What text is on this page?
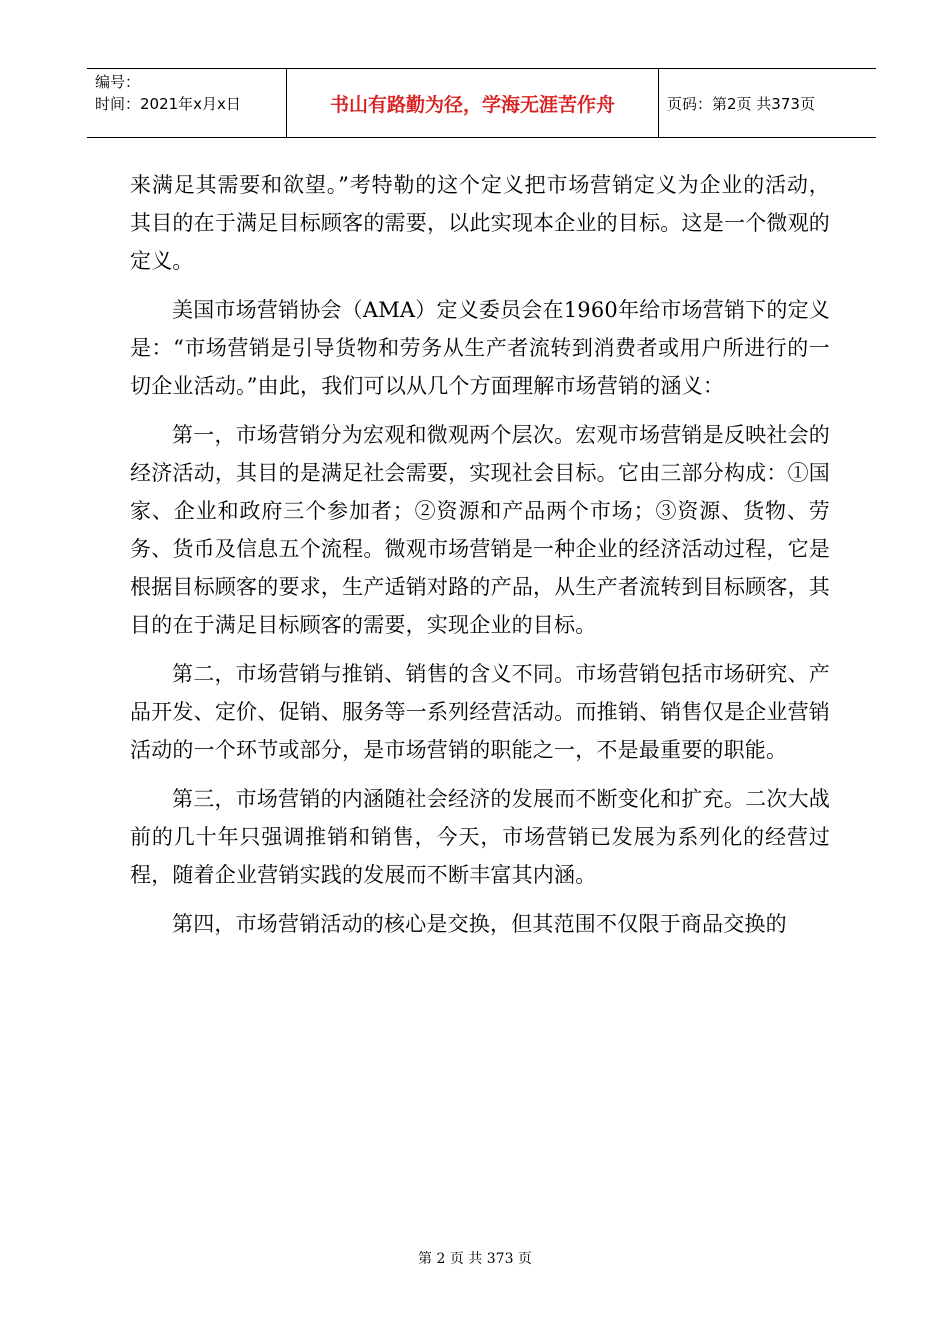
编号：
时间：2021年x月x日	书山有路勤为径，学海无涯苦作舟	页码：第2页 共373页

来满足其需要和欲望。”考特勒的这个定义把市场营销定义为企业的活动，其目的在于满足目标顾客的需要，以此实现本企业的目标。这是一个微观的定义。

美国市场营销协会（AMA）定义委员会在1960年给市场营销下的定义是：“市场营销是引导货物和劳务从生产者流转到消费者或用户所进行的一切企业活动。”由此，我们可以从几个方面理解市场营销的涵义：

第一，市场营销分为宏观和微观两个层次。宏观市场营销是反映社会的经济活动，其目的是满足社会需要，实现社会目标。它由三部分构成：①国家、企业和政府三个参加者；②资源和产品两个市场；③资源、货物、劳务、货币及信息五个流程。微观市场营销是一种企业的经济活动过程，它是根据目标顾客的要求，生产适销对路的产品，从生产者流转到目标顾客，其目的在于满足目标顾客的需要，实现企业的目标。

第二，市场营销与推销、销售的含义不同。市场营销包括市场研究、产品开发、定价、促销、服务等一系列经营活动。而推销、销售仅是企业营销活动的一个环节或部分，是市场营销的职能之一，不是最重要的职能。

第三，市场营销的内涵随社会经济的发展而不断变化和扩充。二次大战前的几十年只强调推销和销售，今天，市场营销已发展为系列化的经营过程，随着企业营销实践的发展而不断丰富其内涵。

第四，市场营销活动的核心是交换，但其范围不仅限于商品交换的

第 2 页 共 373 页
